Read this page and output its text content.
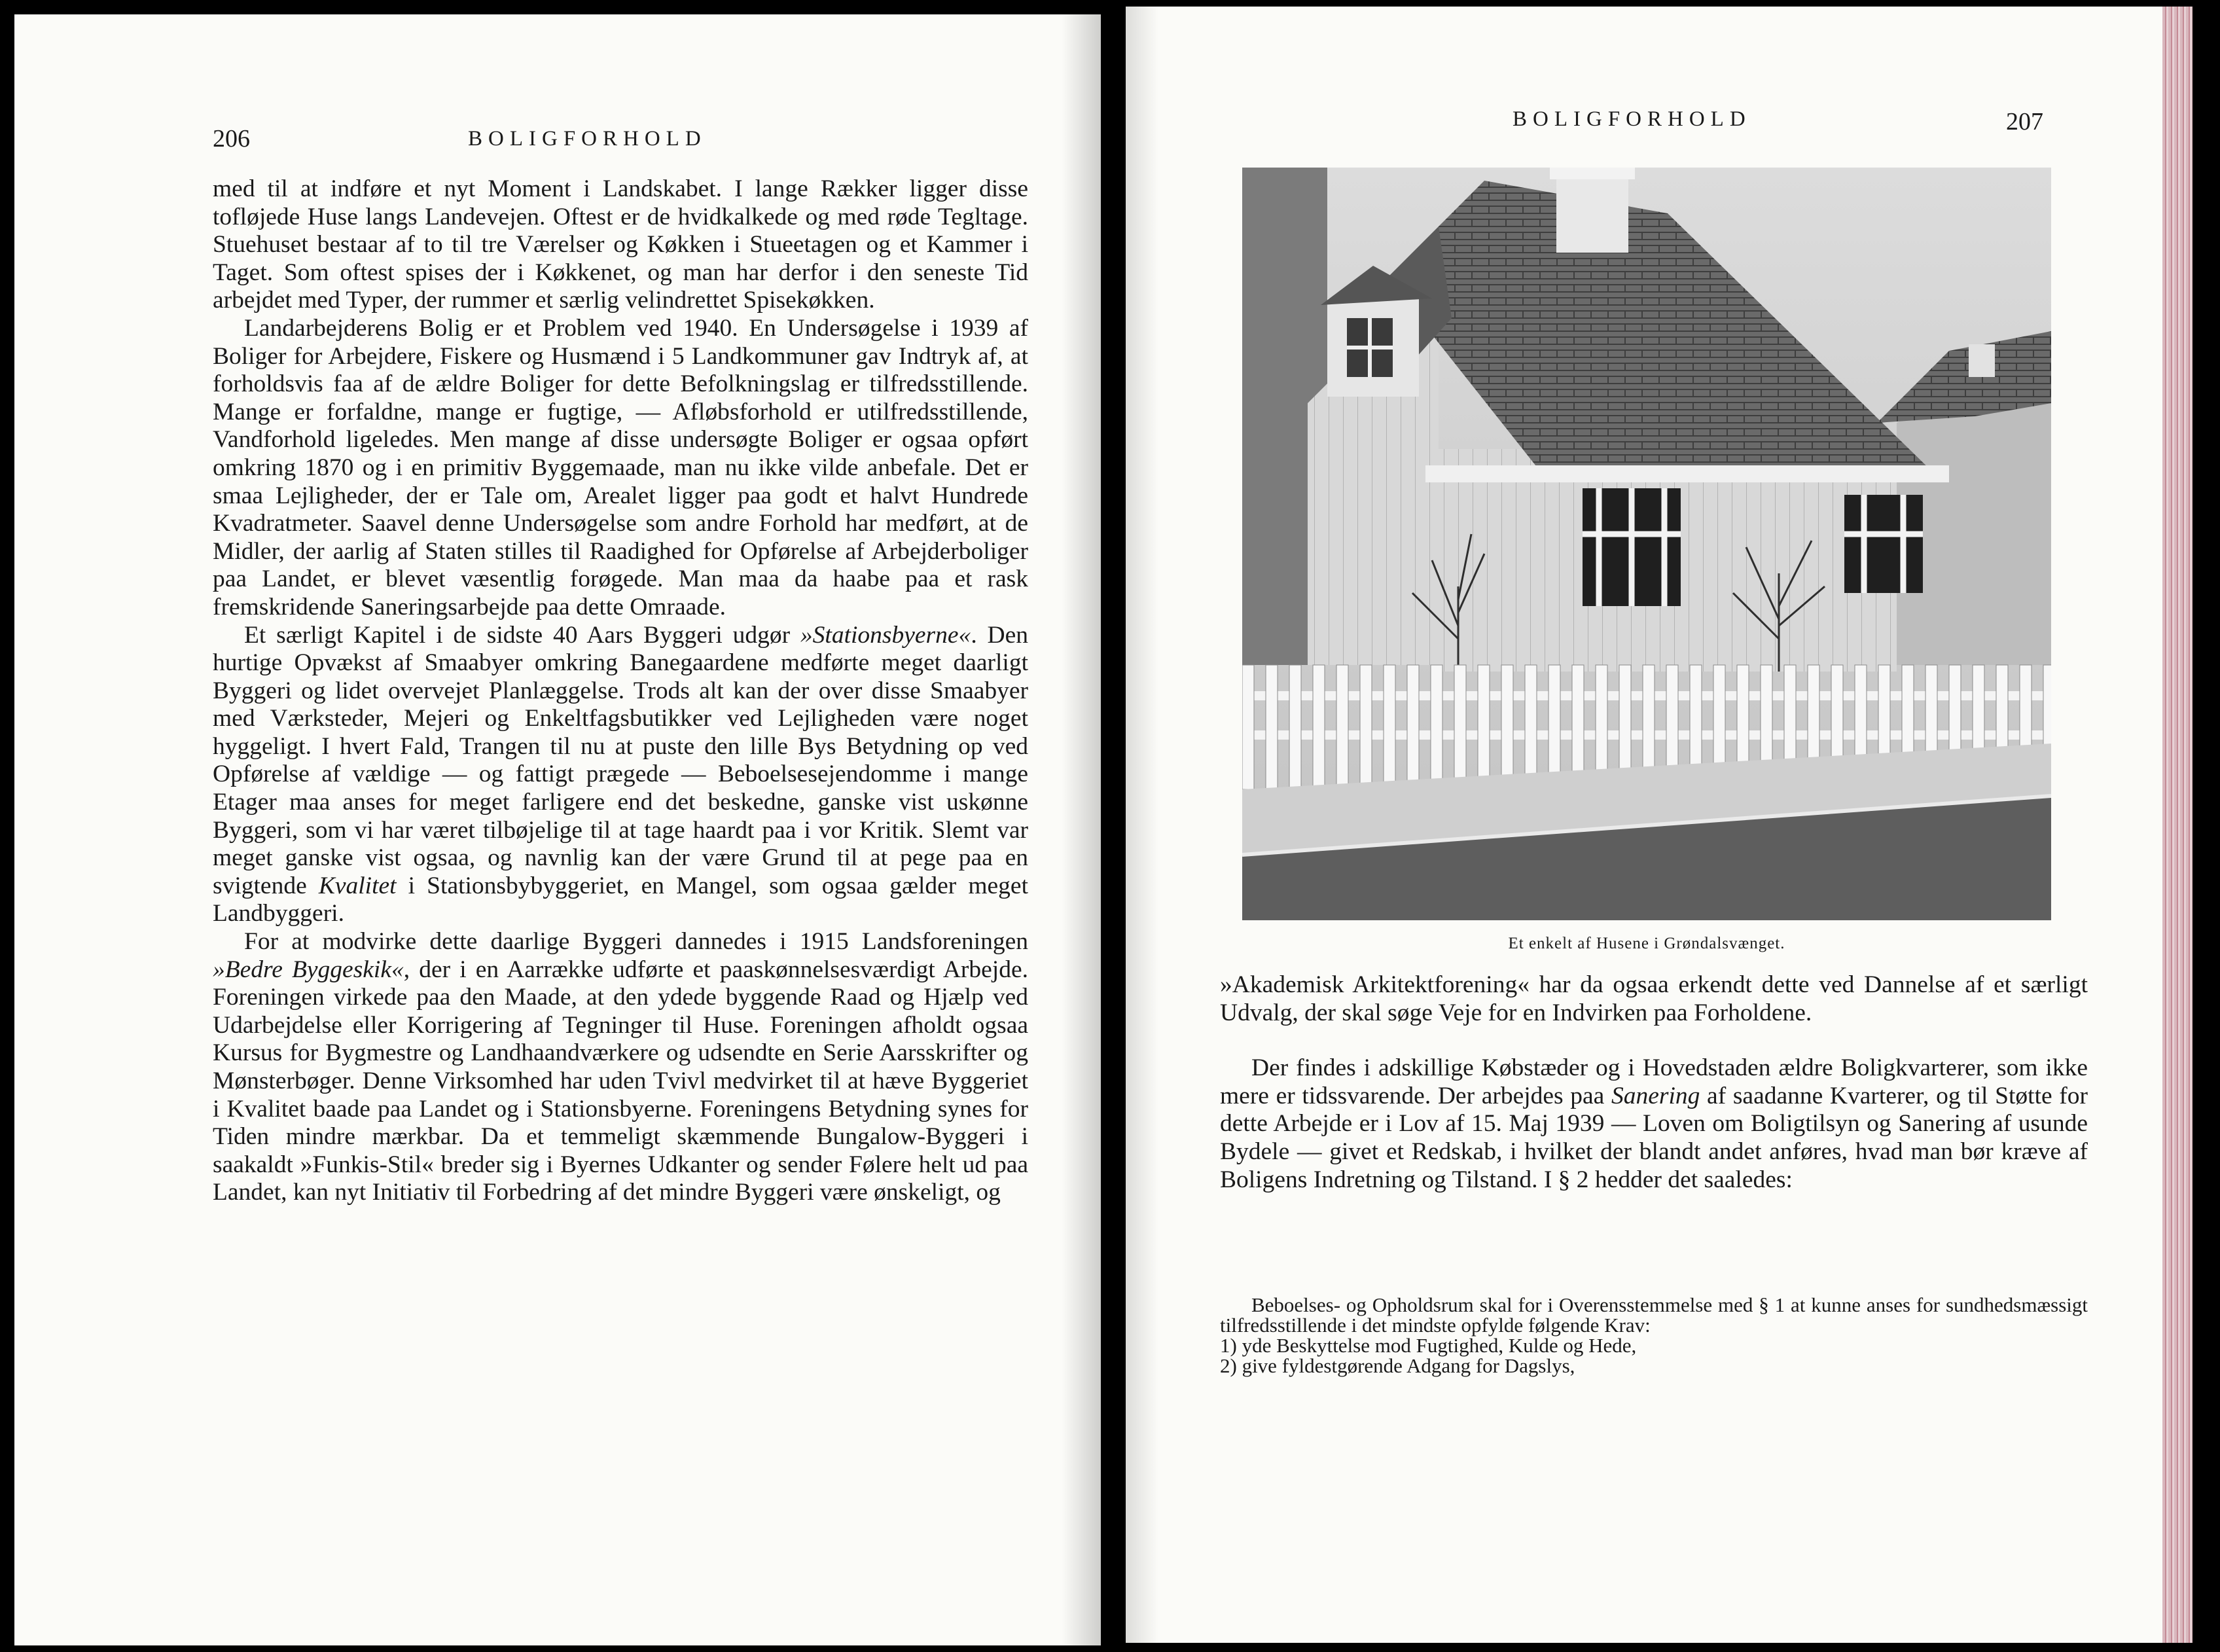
206	BOLIGFORHOLD

med til at indføre et nyt Moment i Landskabet. I lange Rækker ligger disse tofløjede Huse langs Landevejen. Oftest er de hvidkalkede og med røde Tegltage. Stuehuset bestaar af to til tre Værelser og Køkken i Stueetagen og et Kammer i Taget. Som oftest spises der i Køkkenet, og man har derfor i den seneste Tid arbejdet med Typer, der rummer et særlig velindrettet Spisekøkken.

Landarbejderens Bolig er et Problem ved 1940. En Undersøgelse i 1939 af Boliger for Arbejdere, Fiskere og Husmænd i 5 Landkommuner gav Indtryk af, at forholdsvis faa af de ældre Boliger for dette Befolkningslag er tilfredsstillende. Mange er forfaldne, mange er fugtige, — Afløbsforhold er utilfredsstillende, Vandforhold ligeledes. Men mange af disse undersøgte Boliger er ogsaa opført omkring 1870 og i en primitiv Byggemaade, man nu ikke vilde anbefale. Det er smaa Lejligheder, der er Tale om, Arealet ligger paa godt et halvt Hundrede Kvadratmeter. Saavel denne Undersøgelse som andre Forhold har medført, at de Midler, der aarlig af Staten stilles til Raadighed for Opførelse af Arbejderboliger paa Landet, er blevet væsentlig forøgede. Man maa da haabe paa et rask fremskridende Saneringsarbejde paa dette Omraade.

Et særligt Kapitel i de sidste 40 Aars Byggeri udgør »Stationsbyerne«. Den hurtige Opvækst af Smaabyer omkring Banegaardene medførte meget daarligt Byggeri og lidet overvejet Planlæggelse. Trods alt kan der over disse Smaabyer med Værksteder, Mejeri og Enkeltfagsbutikker ved Lejligheden være noget hyggeligt. I hvert Fald, Trangen til nu at puste den lille Bys Betydning op ved Opførelse af vældige — og fattigt prægede — Beboelsesejendomme i mange Etager maa anses for meget farligere end det beskedne, ganske vist uskønne Byggeri, som vi har været tilbøjelige til at tage haardt paa i vor Kritik. Slemt var meget ganske vist ogsaa, og navnlig kan der være Grund til at pege paa en svigtende Kvalitet i Stationsbybyggeriet, en Mangel, som ogsaa gælder meget Landbyggeri.

For at modvirke dette daarlige Byggeri dannedes i 1915 Landsforeningen »Bedre Byggeskik«, der i en Aarrække udførte et paaskønnelsesværdigt Arbejde. Foreningen virkede paa den Maade, at den ydede byggende Raad og Hjælp ved Udarbejdelse eller Korrigering af Tegninger til Huse. Foreningen afholdt ogsaa Kursus for Bygmestre og Landhaandværkere og udsendte en Serie Aarsskrifter og Mønsterbøger. Denne Virksomhed har uden Tvivl medvirket til at hæve Byggeriet i Kvalitet baade paa Landet og i Stationsbyerne. Foreningens Betydning synes for Tiden mindre mærkbar. Da et temmeligt skæmmende Bungalow-Byggeri i saakaldt »Funkis-Stil« breder sig i Byernes Udkanter og sender Følere helt ud paa Landet, kan nyt Initiativ til Forbedring af det mindre Byggeri være ønskeligt, og

BOLIGFORHOLD	207
Et enkelt af Husene i Grøndalsvænget.

»Akademisk Arkitektforening« har da ogsaa erkendt dette ved Dannelse af et særligt Udvalg, der skal søge Veje for en Indvirken paa Forholdene.

Der findes i adskillige Købstæder og i Hovedstaden ældre Boligkvarterer, som ikke mere er tidssvarende. Der arbejdes paa Sanering af saadanne Kvarterer, og til Støtte for dette Arbejde er i Lov af 15. Maj 1939 — Loven om Boligtilsyn og Sanering af usunde Bydele — givet et Redskab, i hvilket der blandt andet anføres, hvad man bør kræve af Boligens Indretning og Tilstand. I § 2 hedder det saaledes:

Beboelses- og Opholdsrum skal for i Overensstemmelse med § 1 at kunne anses for sundhedsmæssigt tilfredsstillende i det mindste opfylde følgende Krav:

1) yde Beskyttelse mod Fugtighed, Kulde og Hede,

2) give fyldestgørende Adgang for Dagslys,
